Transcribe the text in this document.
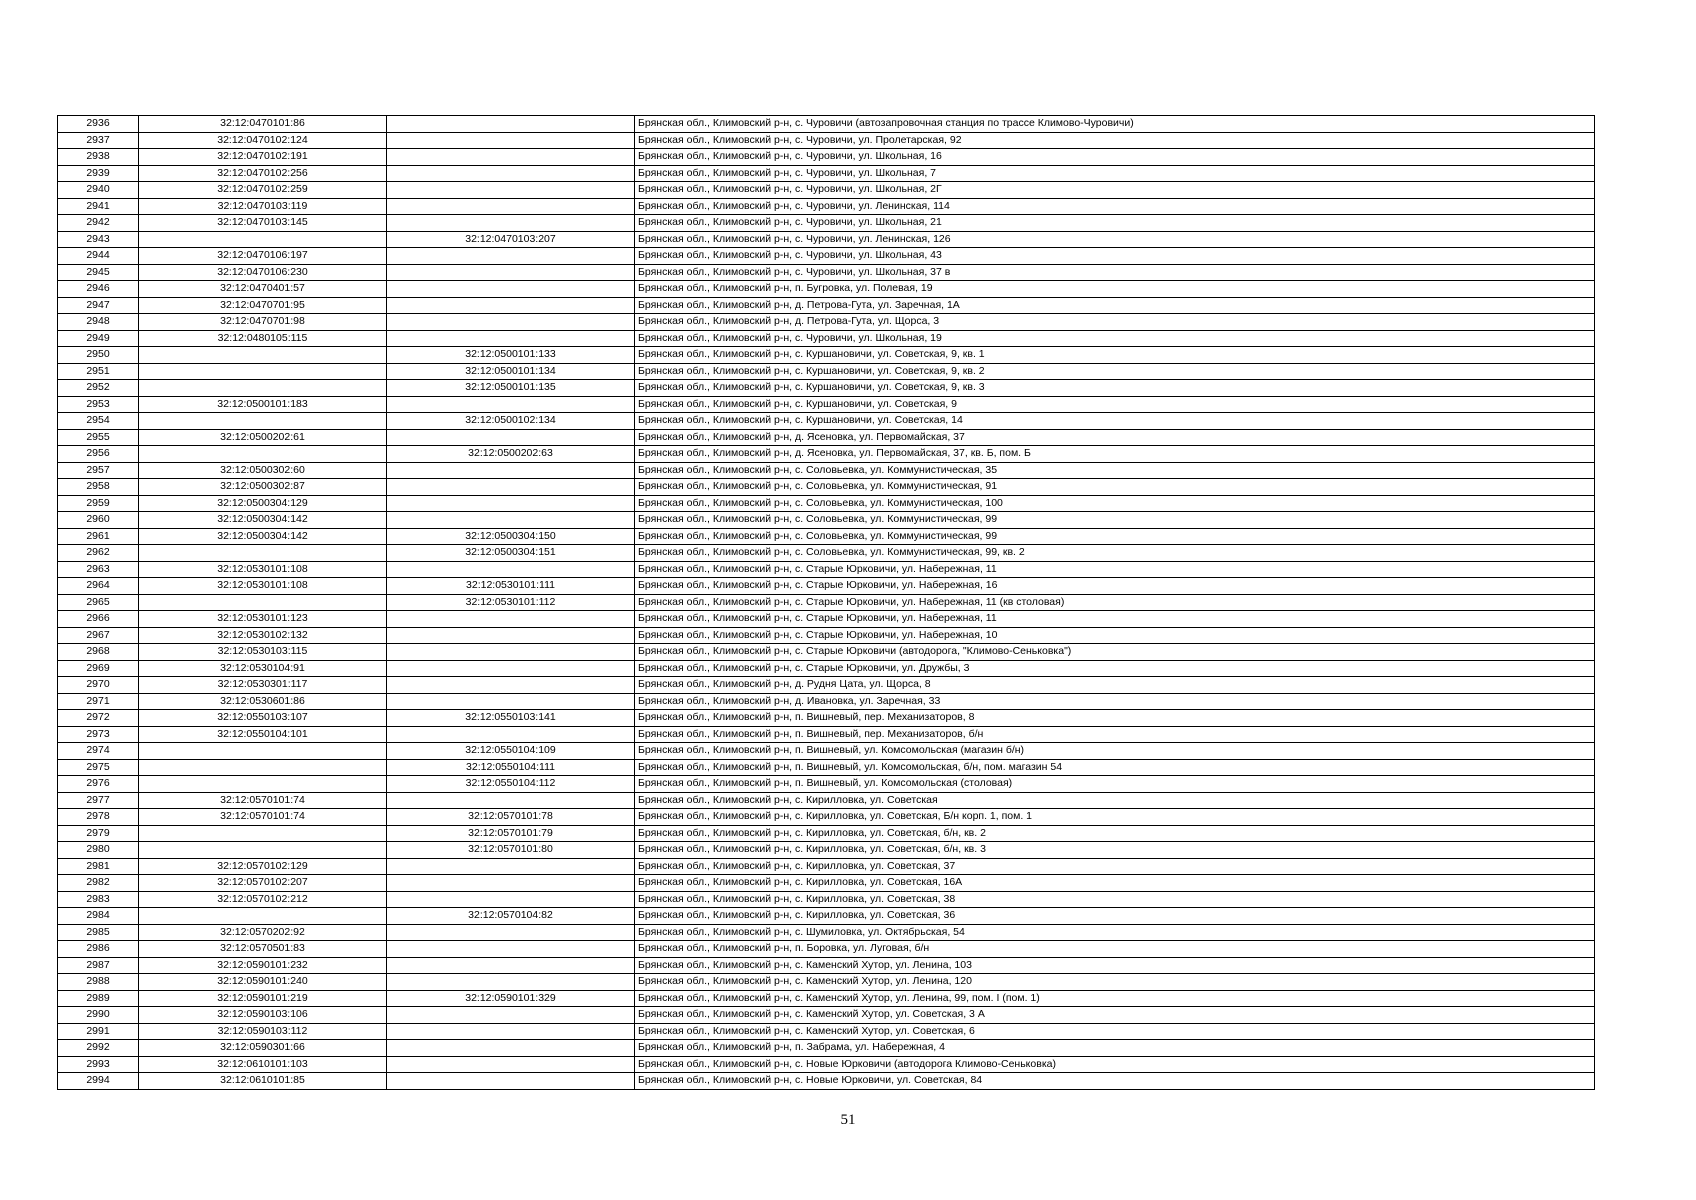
2936	32:12:0470101:86		Брянская обл., Климовский р-н, с. Чуровичи (автозапровочная станция по трассе Климово-Чуровичи)
2937	32:12:0470102:124		Брянская обл., Климовский р-н, с. Чуровичи, ул. Пролетарская, 92
2938	32:12:0470102:191		Брянская обл., Климовский р-н, с. Чуровичи, ул. Школьная, 16
2939	32:12:0470102:256		Брянская обл., Климовский р-н, с. Чуровичи, ул. Школьная, 7
2940	32:12:0470102:259		Брянская обл., Климовский р-н, с. Чуровичи, ул. Школьная, 2Г
2941	32:12:0470103:119		Брянская обл., Климовский р-н, с. Чуровичи, ул. Ленинская, 114
2942	32:12:0470103:145		Брянская обл., Климовский р-н, с. Чуровичи, ул. Школьная, 21
2943		32:12:0470103:207	Брянская обл., Климовский р-н, с. Чуровичи, ул. Ленинская, 126
2944	32:12:0470106:197		Брянская обл., Климовский р-н, с. Чуровичи, ул. Школьная, 43
2945	32:12:0470106:230		Брянская обл., Климовский р-н, с. Чуровичи, ул. Школьная, 37 в
2946	32:12:0470401:57		Брянская обл., Климовский р-н, п. Бугровка, ул. Полевая, 19
2947	32:12:0470701:95		Брянская обл., Климовский р-н, д. Петрова-Гута, ул. Заречная, 1А
2948	32:12:0470701:98		Брянская обл., Климовский р-н, д. Петрова-Гута, ул. Щорса, 3
2949	32:12:0480105:115		Брянская обл., Климовский р-н, с. Чуровичи, ул. Школьная, 19
2950		32:12:0500101:133	Брянская обл., Климовский р-н, с. Куршановичи, ул. Советская, 9, кв. 1
2951		32:12:0500101:134	Брянская обл., Климовский р-н, с. Куршановичи, ул. Советская, 9, кв. 2
2952		32:12:0500101:135	Брянская обл., Климовский р-н, с. Куршановичи, ул. Советская, 9, кв. 3
2953	32:12:0500101:183		Брянская обл., Климовский р-н, с. Куршановичи, ул. Советская, 9
2954		32:12:0500102:134	Брянская обл., Климовский р-н, с. Куршановичи, ул. Советская, 14
2955	32:12:0500202:61		Брянская обл., Климовский р-н, д. Ясеновка, ул. Первомайская, 37
2956		32:12:0500202:63	Брянская обл., Климовский р-н, д. Ясеновка, ул. Первомайская, 37, кв. Б, пом. Б
2957	32:12:0500302:60		Брянская обл., Климовский р-н, с. Соловьевка, ул. Коммунистическая, 35
2958	32:12:0500302:87		Брянская обл., Климовский р-н, с. Соловьевка, ул. Коммунистическая, 91
2959	32:12:0500304:129		Брянская обл., Климовский р-н, с. Соловьевка, ул. Коммунистическая, 100
2960	32:12:0500304:142		Брянская обл., Климовский р-н, с. Соловьевка, ул. Коммунистическая, 99
2961	32:12:0500304:142	32:12:0500304:150	Брянская обл., Климовский р-н, с. Соловьевка, ул. Коммунистическая, 99
2962		32:12:0500304:151	Брянская обл., Климовский р-н, с. Соловьевка, ул. Коммунистическая, 99, кв. 2
2963	32:12:0530101:108		Брянская обл., Климовский р-н, с. Старые Юрковичи, ул. Набережная, 11
2964	32:12:0530101:108	32:12:0530101:111	Брянская обл., Климовский р-н, с. Старые Юрковичи, ул. Набережная, 16
2965		32:12:0530101:112	Брянская обл., Климовский р-н, с. Старые Юрковичи, ул. Набережная, 11 (кв столовая)
2966	32:12:0530101:123		Брянская обл., Климовский р-н, с. Старые Юрковичи, ул. Набережная, 11
2967	32:12:0530102:132		Брянская обл., Климовский р-н, с. Старые Юрковичи, ул. Набережная, 10
2968	32:12:0530103:115		Брянская обл., Климовский р-н, с. Старые Юрковичи (автодорога, "Климово-Сеньковка")
2969	32:12:0530104:91		Брянская обл., Климовский р-н, с. Старые Юрковичи, ул. Дружбы, 3
2970	32:12:0530301:117		Брянская обл., Климовский р-н, д. Рудня Цата, ул. Щорса, 8
2971	32:12:0530601:86		Брянская обл., Климовский р-н, д. Ивановка, ул. Заречная, 33
2972	32:12:0550103:107	32:12:0550103:141	Брянская обл., Климовский р-н, п. Вишневый, пер. Механизаторов, 8
2973	32:12:0550104:101		Брянская обл., Климовский р-н, п. Вишневый, пер. Механизаторов, б/н
2974		32:12:0550104:109	Брянская обл., Климовский р-н, п. Вишневый, ул. Комсомольская (магазин б/н)
2975		32:12:0550104:111	Брянская обл., Климовский р-н, п. Вишневый, ул. Комсомольская, б/н, пом. магазин 54
2976		32:12:0550104:112	Брянская обл., Климовский р-н, п. Вишневый, ул. Комсомольская (столовая)
2977	32:12:0570101:74		Брянская обл., Климовский р-н, с. Кирилловка, ул. Советская
2978	32:12:0570101:74	32:12:0570101:78	Брянская обл., Климовский р-н, с. Кирилловка, ул. Советская, Б/н корп. 1, пом. 1
2979		32:12:0570101:79	Брянская обл., Климовский р-н, с. Кирилловка, ул. Советская, б/н, кв. 2
2980		32:12:0570101:80	Брянская обл., Климовский р-н, с. Кирилловка, ул. Советская, б/н, кв. 3
2981	32:12:0570102:129		Брянская обл., Климовский р-н, с. Кирилловка, ул. Советская, 37
2982	32:12:0570102:207		Брянская обл., Климовский р-н, с. Кирилловка, ул. Советская, 16А
2983	32:12:0570102:212		Брянская обл., Климовский р-н, с. Кирилловка, ул. Советская, 38
2984		32:12:0570104:82	Брянская обл., Климовский р-н, с. Кирилловка, ул. Советская, 36
2985	32:12:0570202:92		Брянская обл., Климовский р-н, с. Шумиловка, ул. Октябрьская, 54
2986	32:12:0570501:83		Брянская обл., Климовский р-н, п. Боровка, ул. Луговая, б/н
2987	32:12:0590101:232		Брянская обл., Климовский р-н, с. Каменский Хутор, ул. Ленина, 103
2988	32:12:0590101:240		Брянская обл., Климовский р-н, с. Каменский Хутор, ул. Ленина, 120
2989	32:12:0590101:219	32:12:0590101:329	Брянская обл., Климовский р-н, с. Каменский Хутор, ул. Ленина, 99, пом. I (пом. 1)
2990	32:12:0590103:106		Брянская обл., Климовский р-н, с. Каменский Хутор, ул. Советская, 3 А
2991	32:12:0590103:112		Брянская обл., Климовский р-н, с. Каменский Хутор, ул. Советская, 6
2992	32:12:0590301:66		Брянская обл., Климовский р-н, п. Забрама, ул. Набережная, 4
2993	32:12:0610101:103		Брянская обл., Климовский р-н, с. Новые Юрковичи (автодорога Климово-Сеньковка)
2994	32:12:0610101:85		Брянская обл., Климовский р-н, с. Новые Юрковичи, ул. Советская, 84
51
